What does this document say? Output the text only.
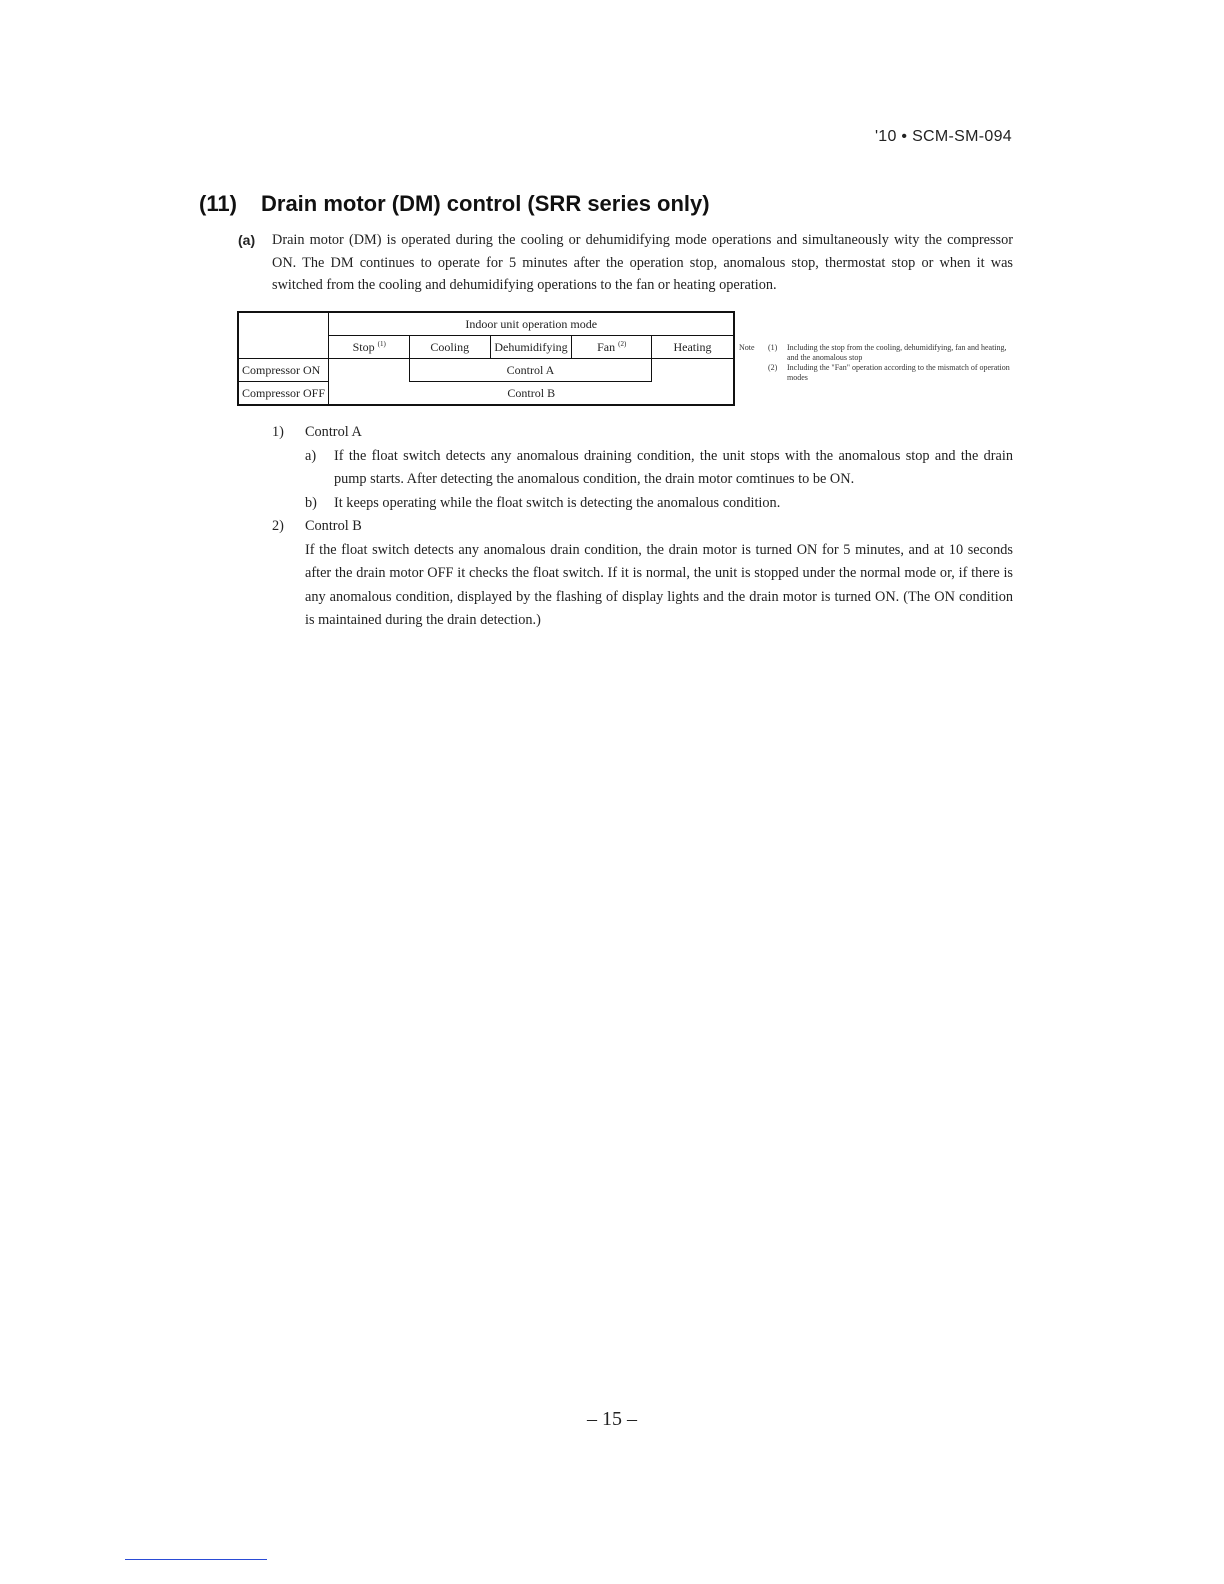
'10 • SCM-SM-094
(11) Drain motor (DM) control (SRR series only)
(a) Drain motor (DM) is operated during the cooling or dehumidifying mode operations and simultaneously wity the compressor ON. The DM continues to operate for 5 minutes after the operation stop, anomalous stop, thermostat stop or when it was switched from the cooling and dehumidifying operations to the fan or heating operation.
	Indoor unit operation mode				
	Stop $^{(1)}$	Cooling	Dehumidifying	Fan $^{(2)}$	Heating
Compressor ON		Control A			
Compressor OFF	Control B				
Note (1) Including the stop from the cooling, dehumidifying, fan and heating, and the anomalous stop
(2) Including the "Fan" operation according to the mismatch of operation modes
1) Control A
a) If the float switch detects any anomalous draining condition, the unit stops with the anomalous stop and the drain pump starts. After detecting the anomalous condition, the drain motor comtinues to be ON.
b) It keeps operating while the float switch is detecting the anomalous condition.
2) Control B
If the float switch detects any anomalous drain condition, the drain motor is turned ON for 5 minutes, and at 10 seconds after the drain motor OFF it checks the float switch. If it is normal, the unit is stopped under the normal mode or, if there is any anomalous condition, displayed by the flashing of display lights and the drain motor is turned ON. (The ON condition is maintained during the drain detection.)
– 15 –
